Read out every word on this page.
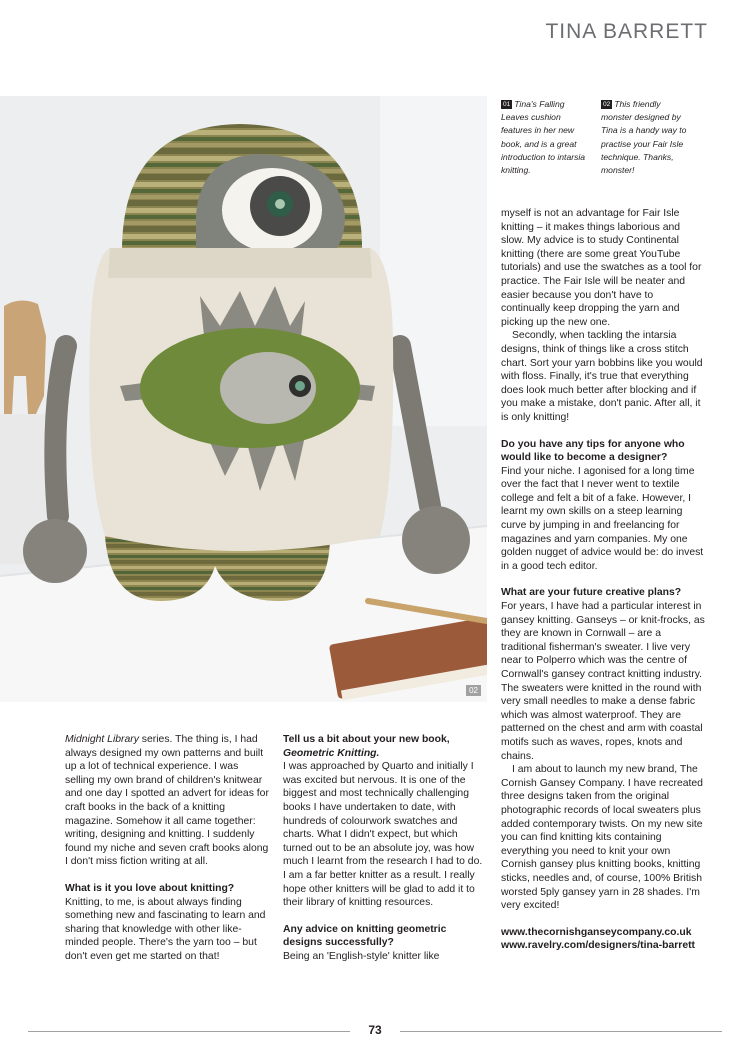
TINA BARRETT
02
01 Tina's Falling Leaves cushion features in her new book, and is a great introduction to intarsia knitting.
02 This friendly monster designed by Tina is a handy way to practise your Fair Isle technique. Thanks, monster!

Midnight Library series. The thing is, I had always designed my own patterns and built up a lot of technical experience. I was selling my own brand of children's knitwear and one day I spotted an advert for ideas for craft books in the back of a knitting magazine. Somehow it all came together: writing, designing and knitting. I suddenly found my niche and seven craft books along I don't miss fiction writing at all.

What is it you love about knitting?

Knitting, to me, is about always finding something new and fascinating to learn and sharing that knowledge with other like-minded people. There's the yarn too – but don't even get me started on that!

Tell us a bit about your new book, Geometric Knitting.

I was approached by Quarto and initially I was excited but nervous. It is one of the biggest and most technically challenging books I have undertaken to date, with hundreds of colourwork swatches and charts. What I didn't expect, but which turned out to be an absolute joy, was how much I learnt from the research I had to do. I am a far better knitter as a result. I really hope other knitters will be glad to add it to their library of knitting resources.

Any advice on knitting geometric designs successfully?

Being an 'English-style' knitter like

myself is not an advantage for Fair Isle knitting – it makes things laborious and slow. My advice is to study Continental knitting (there are some great YouTube tutorials) and use the swatches as a tool for practice. The Fair Isle will be neater and easier because you don't have to continually keep dropping the yarn and picking up the new one.

Secondly, when tackling the intarsia designs, think of things like a cross stitch chart. Sort your yarn bobbins like you would with floss. Finally, it's true that everything does look much better after blocking and if you make a mistake, don't panic. After all, it is only knitting!

Do you have any tips for anyone who would like to become a designer?

Find your niche. I agonised for a long time over the fact that I never went to textile college and felt a bit of a fake. However, I learnt my own skills on a steep learning curve by jumping in and freelancing for magazines and yarn companies. My one golden nugget of advice would be: do invest in a good tech editor.

What are your future creative plans?

For years, I have had a particular interest in gansey knitting. Ganseys – or knit-frocks, as they are known in Cornwall – are a traditional fisherman's sweater. I live very near to Polperro which was the centre of Cornwall's gansey contract knitting industry. The sweaters were knitted in the round with very small needles to make a dense fabric which was almost waterproof. They are patterned on the chest and arm with coastal motifs such as waves, ropes, knots and chains.

I am about to launch my new brand, The Cornish Gansey Company. I have recreated three designs taken from the original photographic records of local sweaters plus added contemporary twists. On my new site you can find knitting kits containing everything you need to knit your own Cornish gansey plus knitting books, knitting sticks, needles and, of course, 100% British worsted 5ply gansey yarn in 28 shades. I'm very excited!

www.thecornishganseycompany.co.uk

www.ravelry.com/designers/tina-barrett

73
